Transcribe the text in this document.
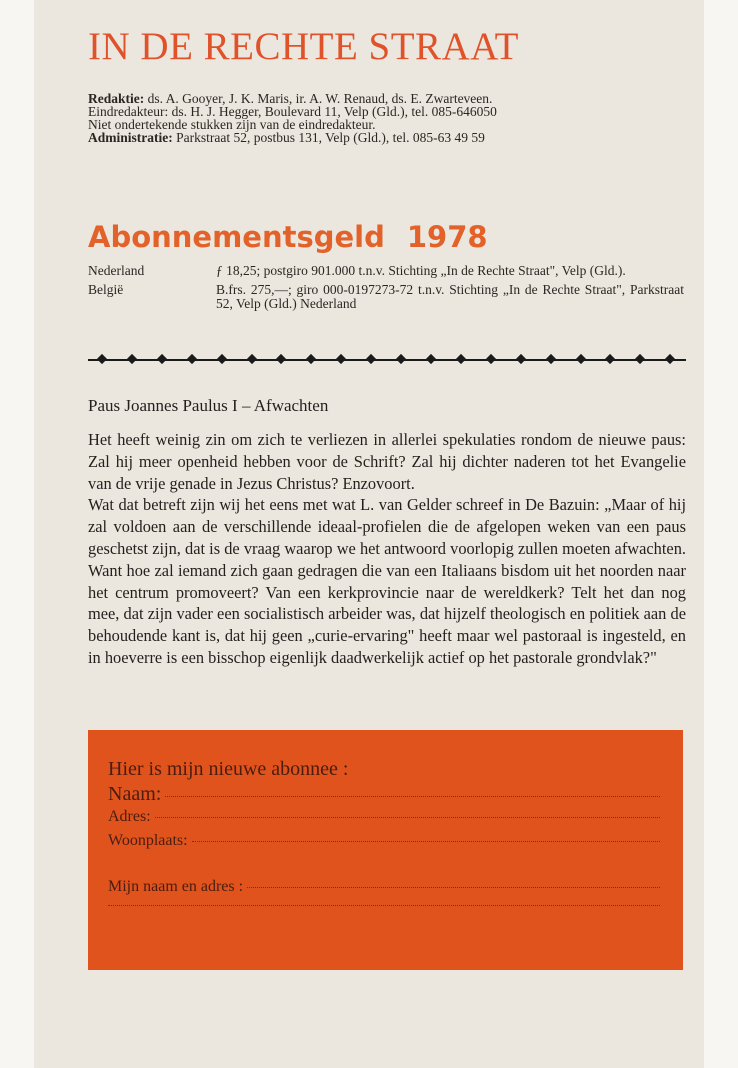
IN DE RECHTE STRAAT
Redaktie: ds. A. Gooyer, J. K. Maris, ir. A. W. Renaud, ds. E. Zwarteveen.
Eindredakteur: ds. H. J. Hegger, Boulevard 11, Velp (Gld.), tel. 085-646050
Niet ondertekende stukken zijn van de eindredakteur.
Administratie: Parkstraat 52, postbus 131, Velp (Gld.), tel. 085-63 49 59
Abonnementsgeld 1978
Nederland	ƒ 18,25; postgiro 901.000 t.n.v. Stichting „In de Rechte Straat", Velp (Gld.).
België	B.frs. 275,—; giro 000-0197273-72 t.n.v. Stichting „In de Rechte Straat", Parkstraat 52, Velp (Gld.) Nederland
Paus Joannes Paulus I – Afwachten

Het heeft weinig zin om zich te verliezen in allerlei spekulaties rondom de nieuwe paus: Zal hij meer openheid hebben voor de Schrift? Zal hij dichter naderen tot het Evangelie van de vrije genade in Jezus Christus? Enzovoort.

Wat dat betreft zijn wij het eens met wat L. van Gelder schreef in De Bazuin: „Maar of hij zal voldoen aan de verschillende ideaal-profielen die de afgelopen weken van een paus geschetst zijn, dat is de vraag waarop we het antwoord voorlopig zullen moeten afwachten. Want hoe zal iemand zich gaan gedragen die van een Italiaans bisdom uit het noorden naar het centrum promoveert? Van een kerkprovincie naar de wereldkerk? Telt het dan nog mee, dat zijn vader een socialistisch arbeider was, dat hijzelf theologisch en politiek aan de behoudende kant is, dat hij geen „curie-ervaring" heeft maar wel pastoraal is ingesteld, en in hoeverre is een bisschop eigenlijk daadwerkelijk actief op het pastorale grondvlak?"

Hier is mijn nieuwe abonnee :
Naam:
Adres:
Woonplaats:
Mijn naam en adres :
